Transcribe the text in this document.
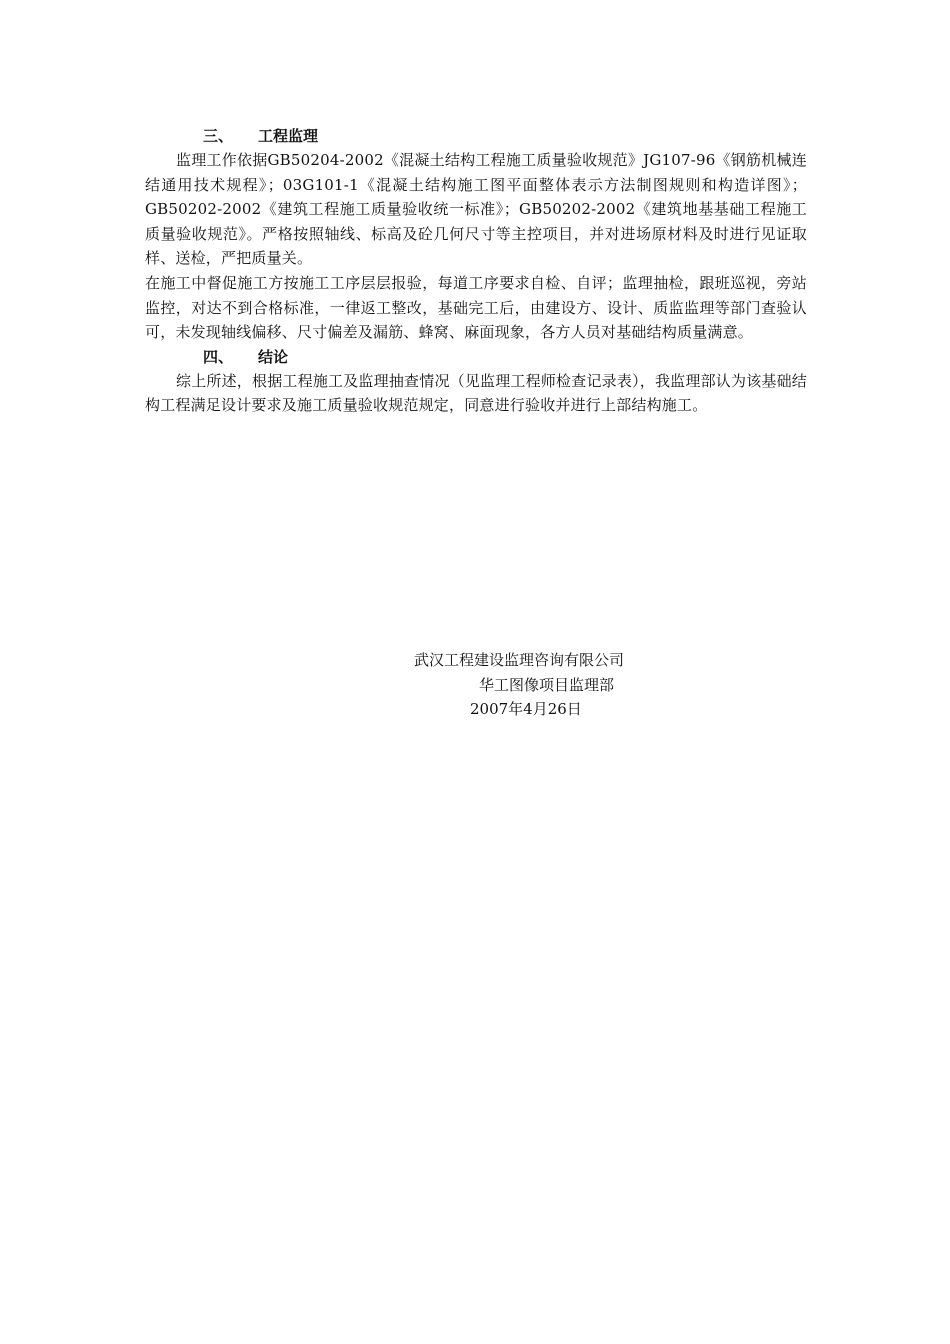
三、 工程监理

监理工作依据GB50204-2002《混凝土结构工程施工质量验收规范》JG107-96《钢筋机械连结通用技术规程》；03G101-1《混凝土结构施工图平面整体表示方法制图规则和构造详图》；GB50202-2002《建筑工程施工质量验收统一标准》；GB50202-2002《建筑地基基础工程施工质量验收规范》。严格按照轴线、标高及砼几何尺寸等主控项目，并对进场原材料及时进行见证取样、送检，严把质量关。

在施工中督促施工方按施工工序层层报验，每道工序要求自检、自评；监理抽检，跟班巡视，旁站监控，对达不到合格标准，一律返工整改，基础完工后，由建设方、设计、质监监理等部门查验认可，未发现轴线偏移、尺寸偏差及漏筋、蜂窝、麻面现象，各方人员对基础结构质量满意。

四、 结论

综上所述，根据工程施工及监理抽查情况（见监理工程师检查记录表），我监理部认为该基础结构工程满足设计要求及施工质量验收规范规定，同意进行验收并进行上部结构施工。

武汉工程建设监理咨询有限公司
华工图像项目监理部
2007年4月26日
